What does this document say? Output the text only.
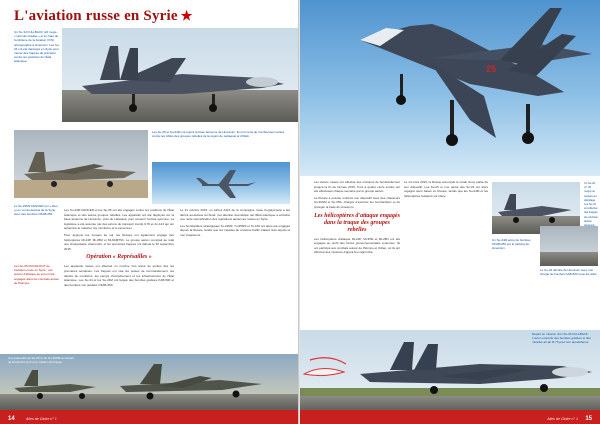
L'aviation russe en Syrie ★
Un Su-34 FULLBACK (22 rouge, « Hercule Guidée » et en haut de l'emblème de la Aviation VVS) photographié à Hmeimim. Les Su-34 ont été déployés en Syrie pour mener des frappes de précision contre les positions de l'État islamique.
Les Su-25 et Su-24M ont rejoint la base aérienne de Hmeimim. Ils ont mené de nombreuses sorties contre les cibles des groupes rebelles de la région de Lattaquié et d'Idleb.
Le Su-24M2 FENCER (un « bleu ») en vol au-dessus de la Syrie avec des bombes OFAB-250.
Les Su-25 FROGFOOT de l'aviation russe en Syrie ; ces avions d'attaque au sol ont été engagés dans les combats autour de Palmyre.

Les Su-24M FENCER et les Su-25 ont été engagés contre les positions de l'État islamique et des autres groupes rebelles. Les appareils ont été déployés sur la base aérienne de Hmeimim, près de Lattaquié, pour soutenir l'armée syrienne. La logistique a été assurée par des avions de transport lourds Il-76 et An-124 qui ont acheminé le matériel, les munitions et le personnel.

Pour appuyer les troupes au sol, les Russes ont également engagé des hélicoptères Mi-24P, Mi-35M et Mi-8AMTSh. Le groupe aérien comptait au total une cinquantaine d'aéronefs, et les premières frappes ont débuté le 30 septembre 2015.

Opération « Représailles »

Les appareils russes ont effectué un nombre très élevé de sorties dès les premières semaines. Les frappes ont visé les postes de commandement, les dépôts de munitions, les camps d'entraînement et les infrastructures de l'État islamique. Les Su-34 et les Su-24M ont largué des bombes guidées KAB-500 et des bombes non guidées OFAB-250.

Le 31 octobre 2015, un Airbus A321 de la compagnie russe Kogalymavia a été détruit au-dessus du Sinaï. Cet attentat revendiqué par l'État islamique a entraîné une nette intensification des opérations aériennes russes en Syrie.

Les bombardiers stratégiques Tu-22M3, Tu-95MS et Tu-160 ont alors été engagés depuis la Russie, tandis que les missiles de croisière Kalibr étaient tirés depuis la mer Caspienne.

Une patrouille de Su-25 et de Su-30SM au départ de Hmeimim pour une mission de frappe.
14	Ailes de Gloire n° 1
25

Les avions russes ont effectué des missions de bombardement jusqu'à la fin de l'année 2015. Trois à quatre cents sorties ont été effectuées chaque semaine par le groupe aérien.

La Russie a ensuite renforcé son dispositif avec des chasseurs Su-30SM et Su-35S, chargés d'escorter les bombardiers et de protéger la base de Hmeimim.

Les hélicoptères d'attaque engagés dans la traque des groupes rebelles

Les hélicoptères d'attaque Mi-24P, Mi-35M et Mi-28N ont été engagés au profit des forces gouvernementales syriennes. Ils ont participé aux combats autour de Palmyre et d'Alep, où ils ont effectué des missions d'appui-feu rapproché.

Le 14 mars 2016, la Russie annonçait le retrait d'une partie de son dispositif. Les Su-25 et une partie des Su-34 ont alors regagné leurs bases en Russie, tandis que les Su-24M et les hélicoptères restaient sur place.

Un Su-34 (n° 25 rouge) se prépare au décollage. Les Su-34 ont effectué des frappes de précision depuis
Un Su-24M armé de bombes OFAB-250 sur le parking de Hmeimim.
Le Su-34 décolle de Hmeimim avec une charge de bombes KAB-500 sous les ailes.
Départ en mission d'un Su-34 FULLBACK. L'avion emporte des bombes guidées et des missiles air-air R-73 pour son autodéfense.
Ailes de Gloire n° 1 15
